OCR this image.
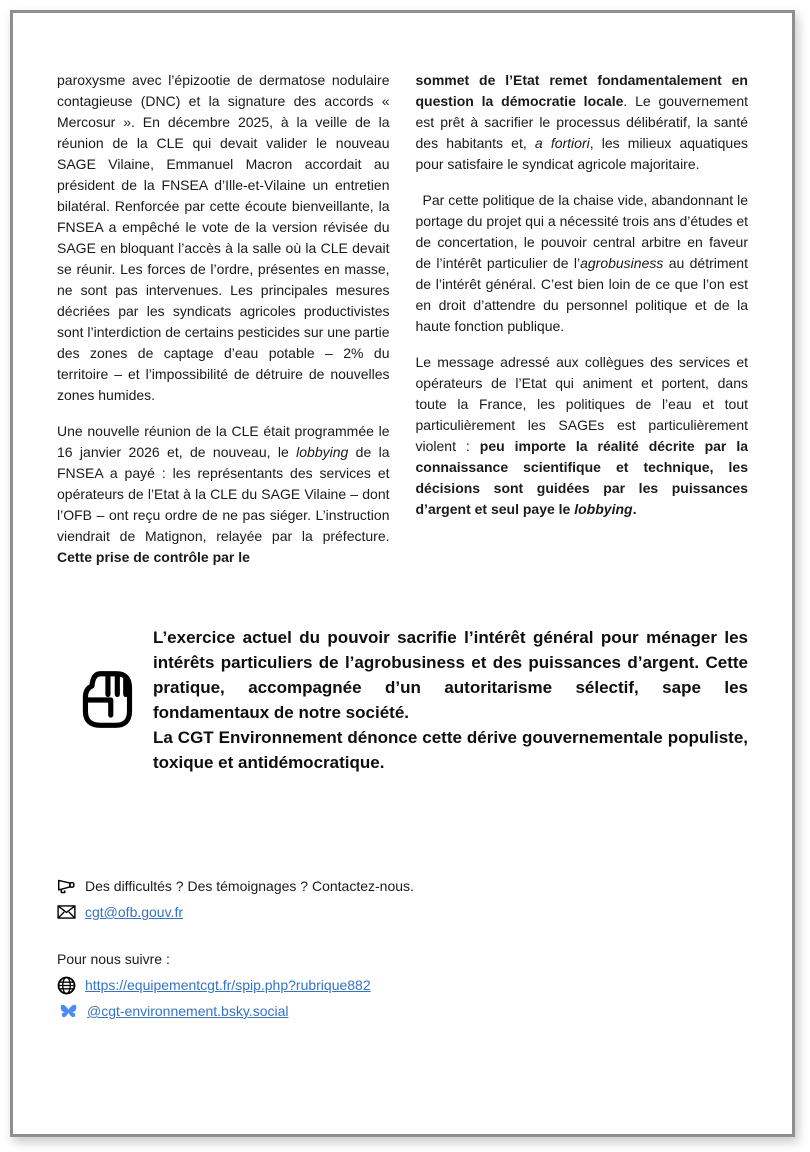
paroxysme avec l’épizootie de dermatose nodulaire contagieuse (DNC) et la signature des accords « Mercosur ». En décembre 2025, à la veille de la réunion de la CLE qui devait valider le nouveau SAGE Vilaine, Emmanuel Macron accordait au président de la FNSEA d’Ille-et-Vilaine un entretien bilatéral. Renforcée par cette écoute bienveillante, la FNSEA a empêché le vote de la version révisée du SAGE en bloquant l’accès à la salle où la CLE devait se réunir. Les forces de l’ordre, présentes en masse, ne sont pas intervenues. Les principales mesures décriées par les syndicats agricoles productivistes sont l’interdiction de certains pesticides sur une partie des zones de captage d’eau potable – 2% du territoire – et l’impossibilité de détruire de nouvelles zones humides.

Une nouvelle réunion de la CLE était programmée le 16 janvier 2026 et, de nouveau, le lobbying de la FNSEA a payé : les représentants des services et opérateurs de l’Etat à la CLE du SAGE Vilaine – dont l’OFB – ont reçu ordre de ne pas siéger. L’instruction viendrait de Matignon, relayée par la préfecture. Cette prise de contrôle par le

sommet de l’Etat remet fondamentalement en question la démocratie locale. Le gouvernement est prêt à sacrifier le processus délibératif, la santé des habitants et, a fortiori, les milieux aquatiques pour satisfaire le syndicat agricole majoritaire.

Par cette politique de la chaise vide, abandonnant le portage du projet qui a nécessité trois ans d’études et de concertation, le pouvoir central arbitre en faveur de l’intérêt particulier de l’agrobusiness au détriment de l’intérêt général. C’est bien loin de ce que l’on est en droit d’attendre du personnel politique et de la haute fonction publique.

Le message adressé aux collègues des services et opérateurs de l’Etat qui animent et portent, dans toute la France, les politiques de l’eau et tout particulièrement les SAGEs est particulièrement violent : peu importe la réalité décrite par la connaissance scientifique et technique, les décisions sont guidées par les puissances d’argent et seul paye le lobbying.

L’exercice actuel du pouvoir sacrifie l’intérêt général pour ménager les intérêts particuliers de l’agrobusiness et des puissances d’argent. Cette pratique, accompagnée d’un autoritarisme sélectif, sape les fondamentaux de notre société.

La CGT Environnement dénonce cette dérive gouvernementale populiste, toxique et antidémocratique.

Des difficultés ? Des témoignages ? Contactez-nous.
cgt@ofb.gouv.fr
Pour nous suivre :
https://equipementcgt.fr/spip.php?rubrique882
@cgt-environnement.bsky.social
